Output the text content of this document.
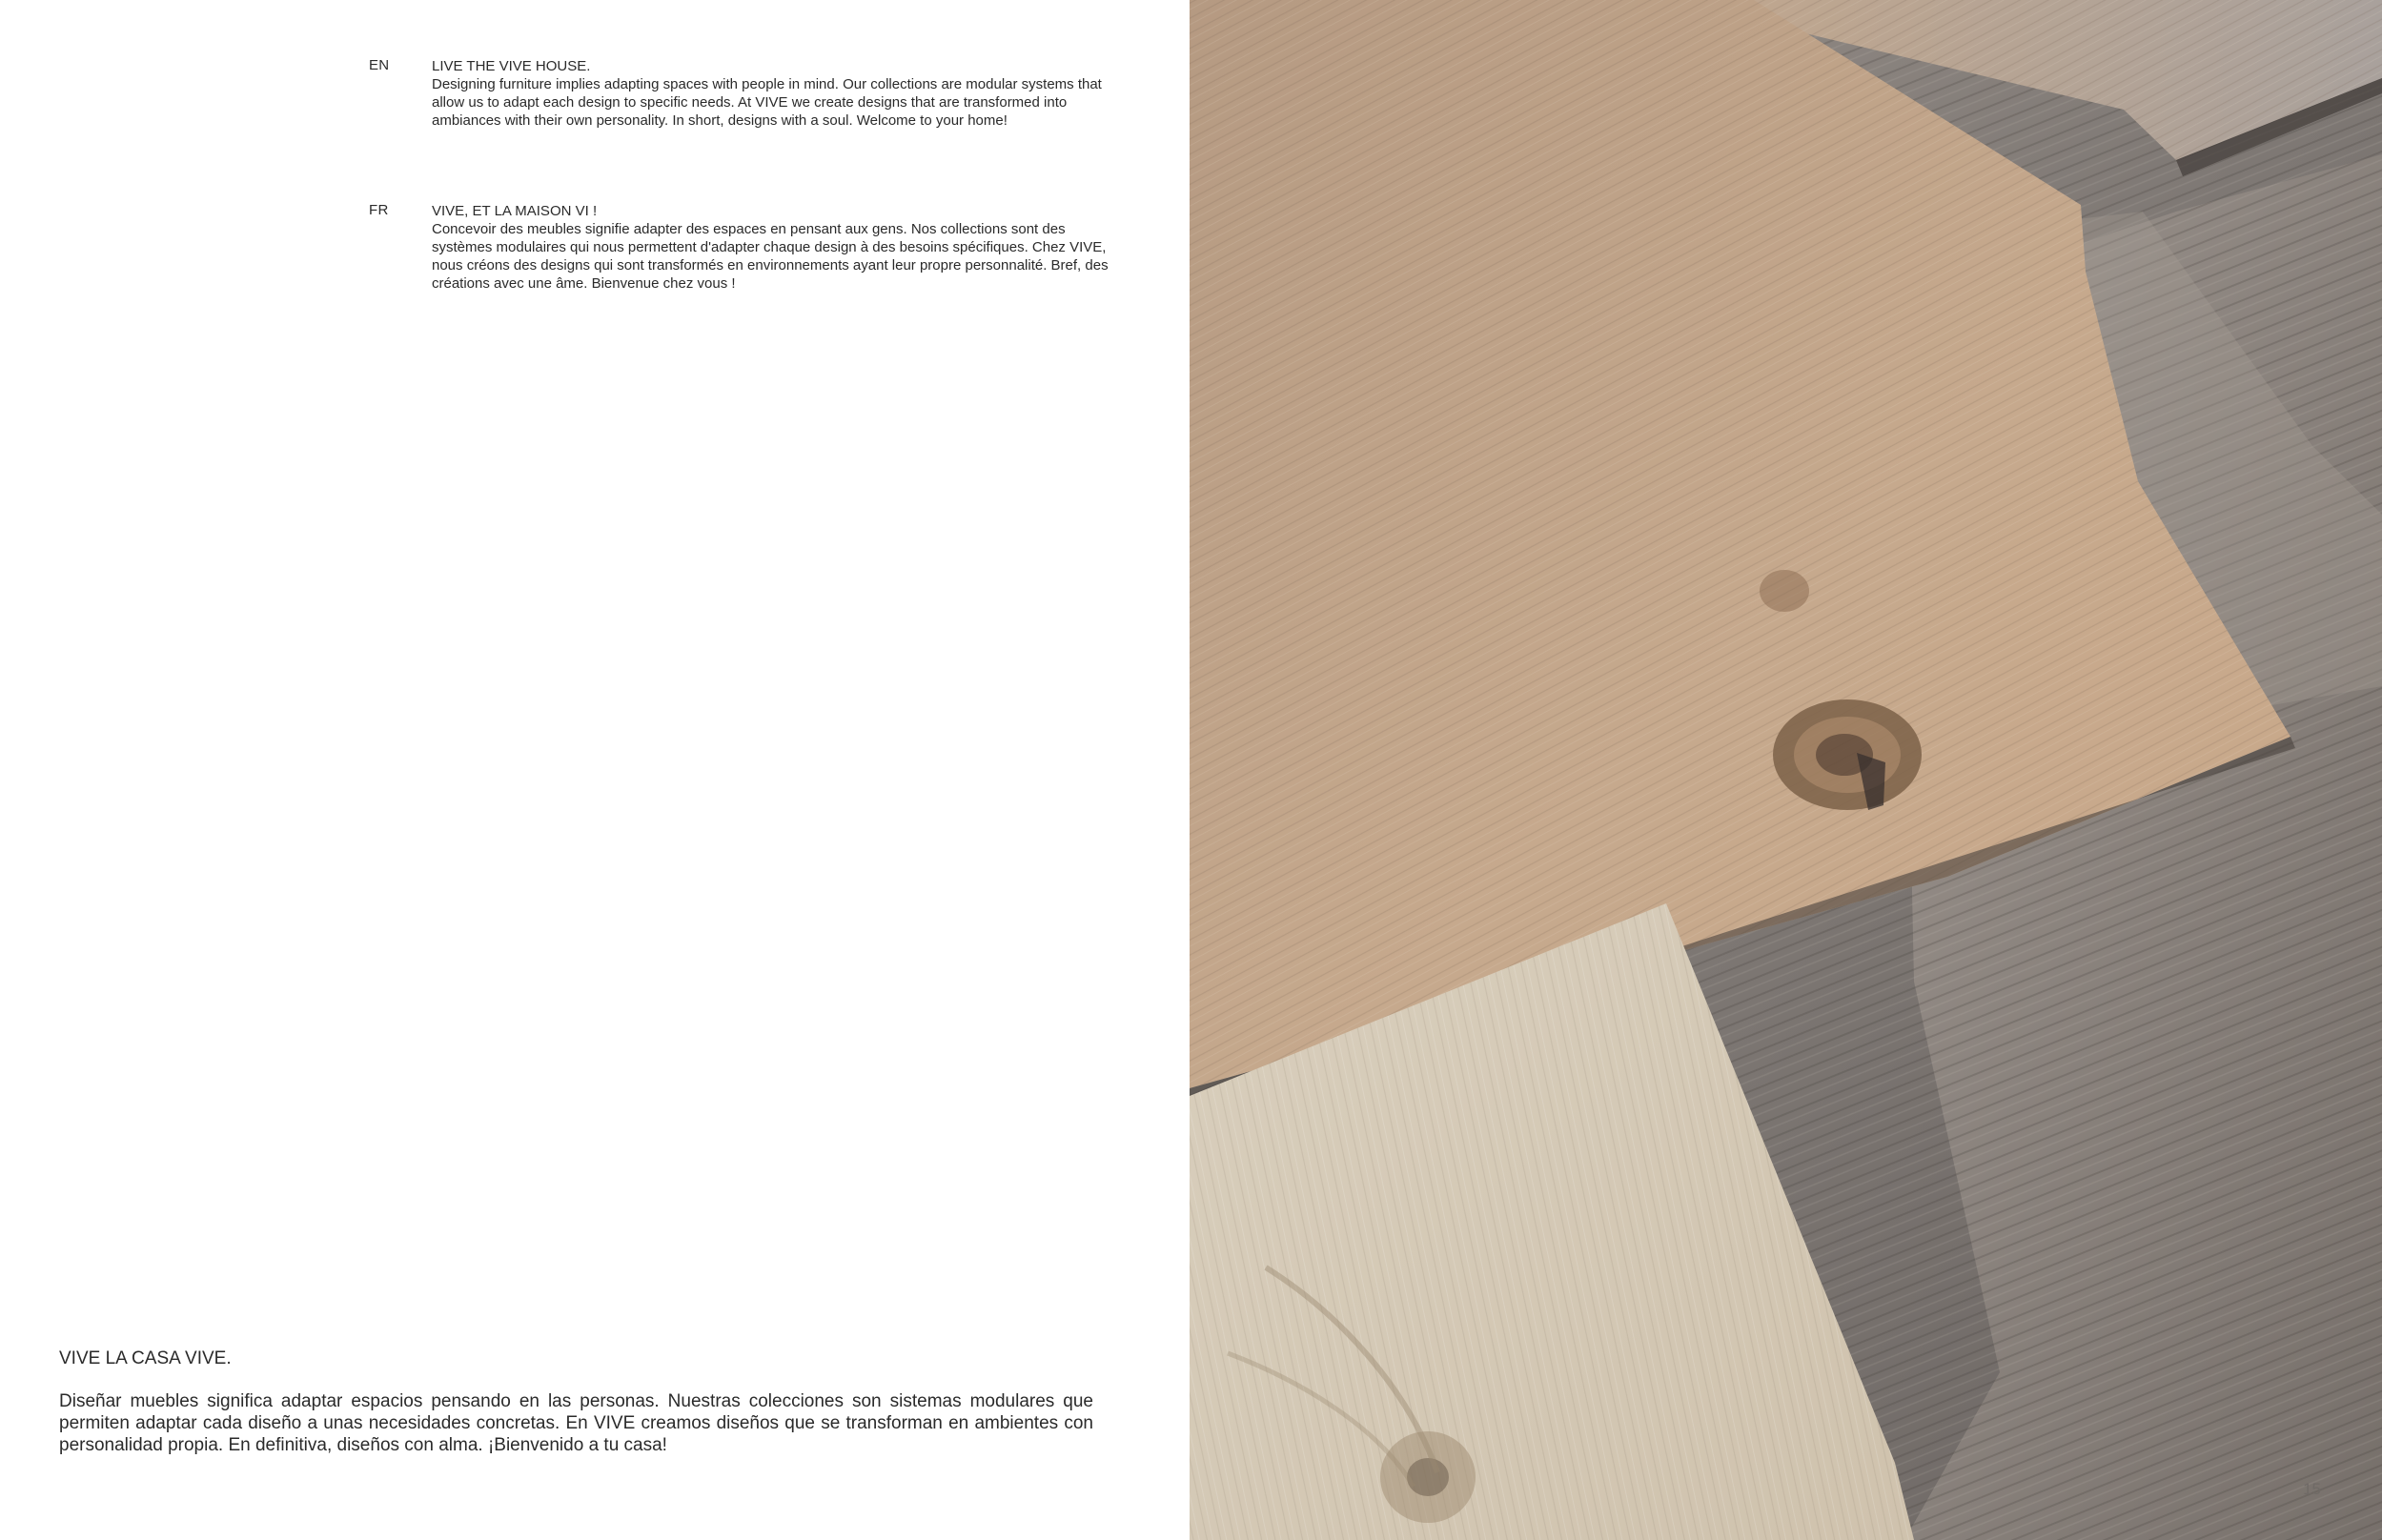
EN	LIVE THE VIVE HOUSE.
Designing furniture implies adapting spaces with people in mind. Our collections are modular systems that allow us to adapt each design to specific needs. At VIVE we create designs that are transformed into ambiances with their own personality. In short, designs with a soul. Welcome to your home!
FR	VIVE, ET LA MAISON VI !
Concevoir des meubles signifie adapter des espaces en pensant aux gens. Nos collections sont des systèmes modulaires qui nous permettent d'adapter chaque design à des besoins spécifiques. Chez VIVE, nous créons des designs qui sont transformés en environnements ayant leur propre personnalité. Bref, des créations avec une âme. Bienvenue chez vous !
VIVE LA CASA VIVE.
Diseñar muebles significa adaptar espacios pensando en las personas. Nuestras colecciones son sistemas modulares que permiten adaptar cada diseño a unas necesidades concretas. En VIVE creamos diseños que se transforman en ambientes con personalidad propia. En definitiva, diseños con alma. ¡Bienvenido a tu casa!
15
